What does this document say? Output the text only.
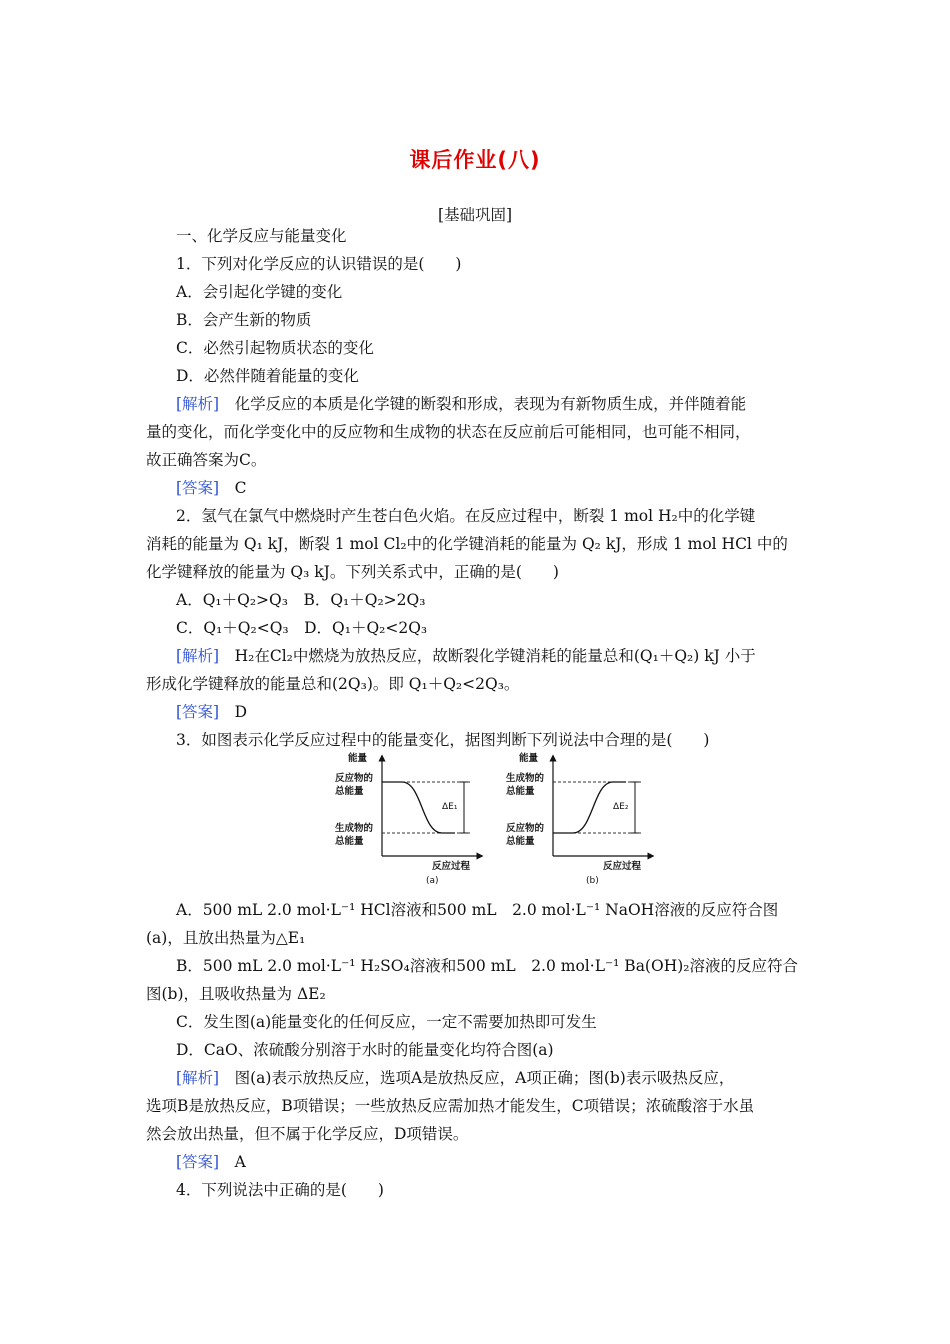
课后作业(八)
[基础巩固]
一、化学反应与能量变化
1．下列对化学反应的认识错误的是(　　)
A．会引起化学键的变化
B．会产生新的物质
C．必然引起物质状态的变化
D．必然伴随着能量的变化
[解析]　化学反应的本质是化学键的断裂和形成，表现为有新物质生成，并伴随着能
量的变化，而化学变化中的反应物和生成物的状态在反应前后可能相同，也可能不相同，
故正确答案为C。
[答案]　C
2．氢气在氯气中燃烧时产生苍白色火焰。在反应过程中，断裂 1 mol H₂中的化学键
消耗的能量为 Q₁ kJ，断裂 1 mol Cl₂中的化学键消耗的能量为 Q₂ kJ，形成 1 mol HCl 中的
化学键释放的能量为 Q₃ kJ。下列关系式中，正确的是(　　)
A．Q₁＋Q₂>Q₃　B．Q₁＋Q₂>2Q₃
C．Q₁＋Q₂<Q₃　D．Q₁＋Q₂<2Q₃
[解析]　H₂在Cl₂中燃烧为放热反应，故断裂化学键消耗的能量总和(Q₁＋Q₂) kJ 小于
形成化学键释放的能量总和(2Q₃)。即 Q₁＋Q₂<2Q₃。
[答案]　D
3．如图表示化学反应过程中的能量变化，据图判断下列说法中合理的是(　　)
能量
反应物的
总能量
生成物的
总能量
ΔE₁
反应过程
(a)
能量
生成物的
总能量
反应物的
总能量
ΔE₂
反应过程
(b)
A．500 mL 2.0 mol·L⁻¹ HCl溶液和500 mL　2.0 mol·L⁻¹ NaOH溶液的反应符合图
(a)，且放出热量为△E₁
B．500 mL 2.0 mol·L⁻¹ H₂SO₄溶液和500 mL　2.0 mol·L⁻¹ Ba(OH)₂溶液的反应符合
图(b)，且吸收热量为 ΔE₂
C．发生图(a)能量变化的任何反应，一定不需要加热即可发生
D．CaO、浓硫酸分别溶于水时的能量变化均符合图(a)
[解析]　图(a)表示放热反应，选项A是放热反应，A项正确；图(b)表示吸热反应，
选项B是放热反应，B项错误；一些放热反应需加热才能发生，C项错误；浓硫酸溶于水虽
然会放出热量，但不属于化学反应，D项错误。
[答案]　A
4．下列说法中正确的是(　　)
